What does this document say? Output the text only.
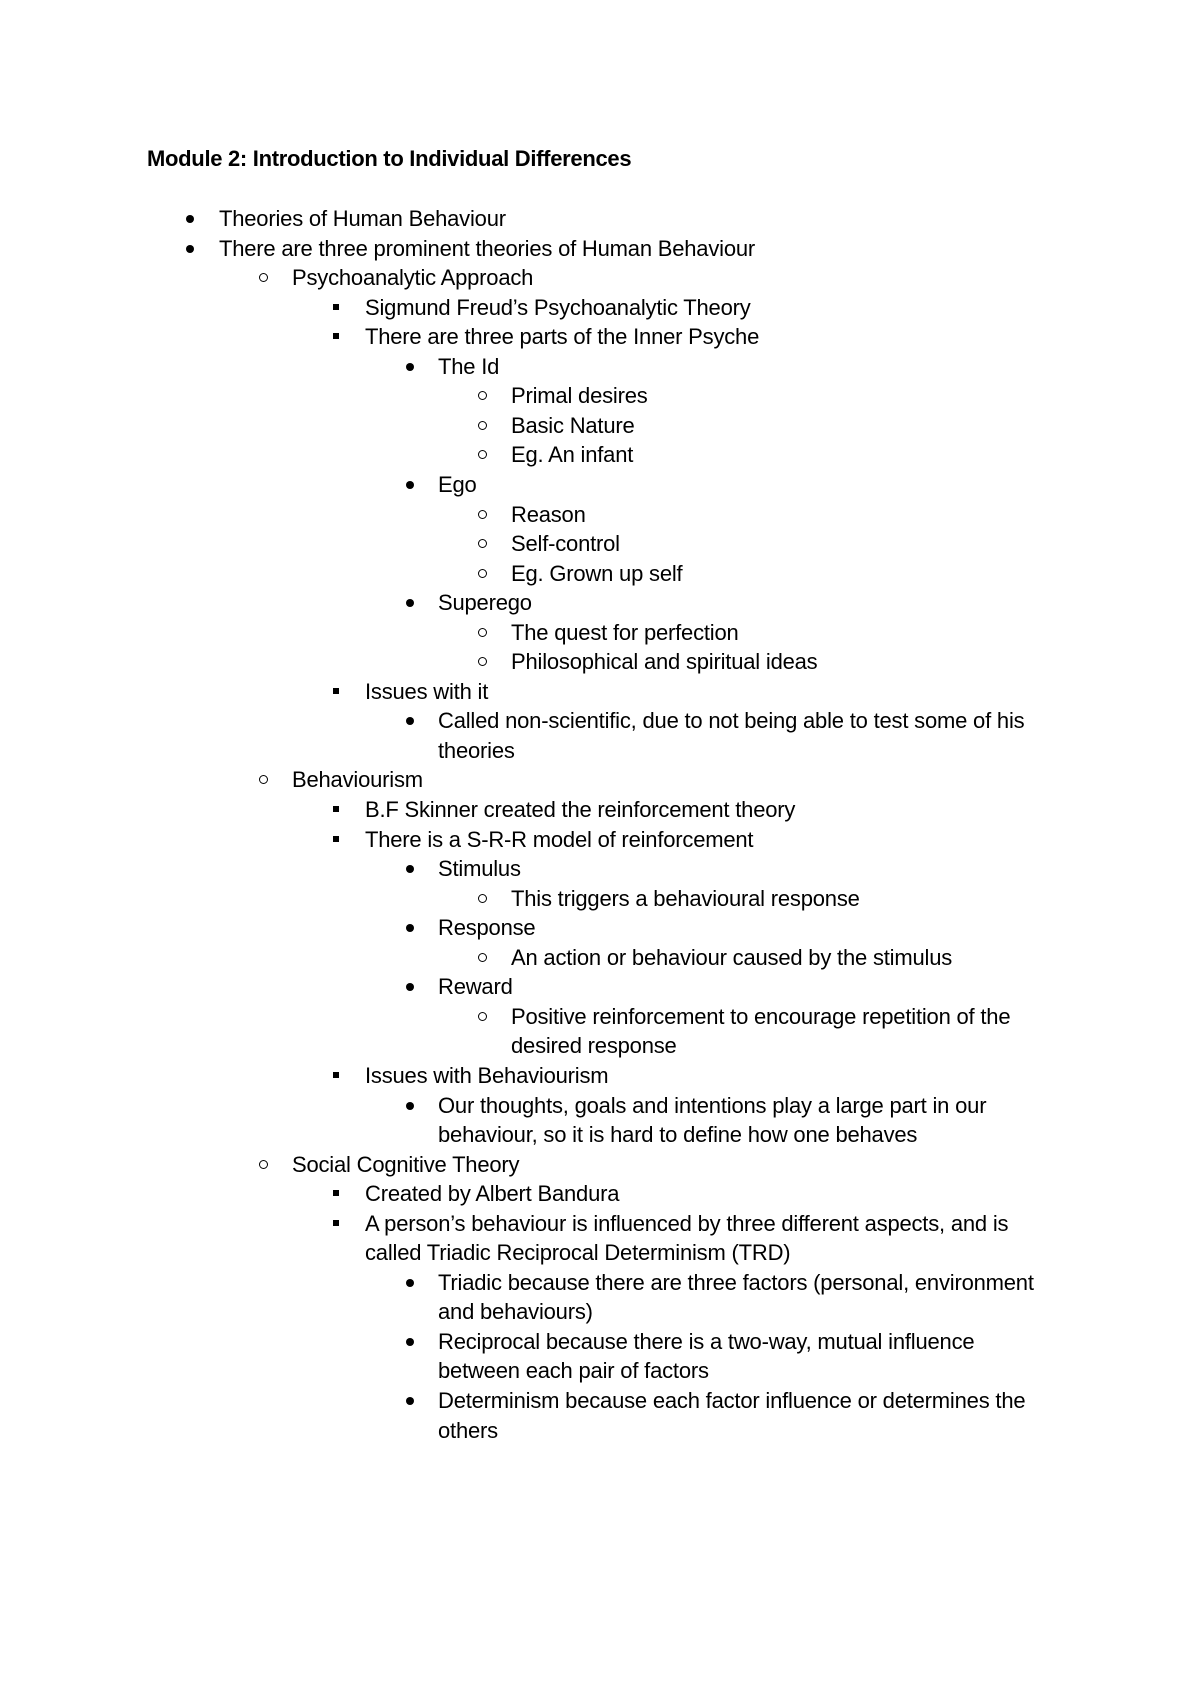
Module 2: Introduction to Individual Differences
Theories of Human Behaviour
There are three prominent theories of Human Behaviour
Psychoanalytic Approach
Sigmund Freud’s Psychoanalytic Theory
There are three parts of the Inner Psyche
The Id
Primal desires
Basic Nature
Eg. An infant
Ego
Reason
Self-control
Eg. Grown up self
Superego
The quest for perfection
Philosophical and spiritual ideas
Issues with it
Called non-scientific, due to not being able to test some of his
theories
Behaviourism
B.F Skinner created the reinforcement theory
There is a S-R-R model of reinforcement
Stimulus
This triggers a behavioural response
Response
An action or behaviour caused by the stimulus
Reward
Positive reinforcement to encourage repetition of the
desired response
Issues with Behaviourism
Our thoughts, goals and intentions play a large part in our
behaviour, so it is hard to define how one behaves
Social Cognitive Theory
Created by Albert Bandura
A person’s behaviour is influenced by three different aspects, and is
called Triadic Reciprocal Determinism (TRD)
Triadic because there are three factors (personal, environment
and behaviours)
Reciprocal because there is a two-way, mutual influence
between each pair of factors
Determinism because each factor influence or determines the
others
